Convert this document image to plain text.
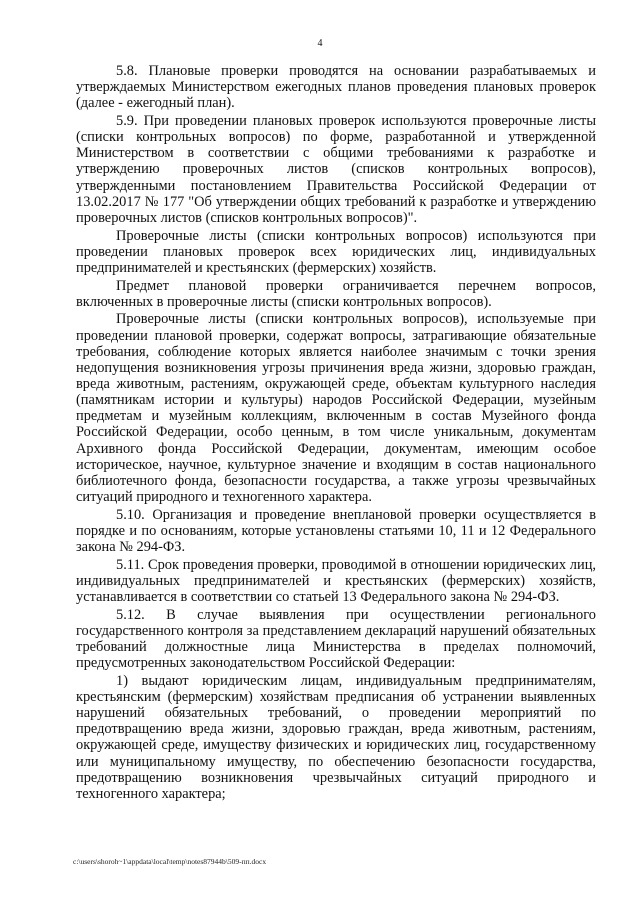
4

5.8. Плановые проверки проводятся на основании разрабатываемых и утверждаемых Министерством ежегодных планов проведения плановых проверок (далее - ежегодный план).

5.9. При проведении плановых проверок используются проверочные листы (списки контрольных вопросов) по форме, разработанной и утвержденной Министерством в соответствии с общими требованиями к разработке и утверждению проверочных листов (списков контрольных вопросов), утвержденными постановлением Правительства Российской Федерации от 13.02.2017 № 177 "Об утверждении общих требований к разработке и утверждению проверочных листов (списков контрольных вопросов)".

Проверочные листы (списки контрольных вопросов) используются при проведении плановых проверок всех юридических лиц, индивидуальных предпринимателей и крестьянских (фермерских) хозяйств.

Предмет плановой проверки ограничивается перечнем вопросов, включенных в проверочные листы (списки контрольных вопросов).

Проверочные листы (списки контрольных вопросов), используемые при проведении плановой проверки, содержат вопросы, затрагивающие обязательные требования, соблюдение которых является наиболее значимым с точки зрения недопущения возникновения угрозы причинения вреда жизни, здоровью граждан, вреда животным, растениям, окружающей среде, объектам культурного наследия (памятникам истории и культуры) народов Российской Федерации, музейным предметам и музейным коллекциям, включенным в состав Музейного фонда Российской Федерации, особо ценным, в том числе уникальным, документам Архивного фонда Российской Федерации, документам, имеющим особое историческое, научное, культурное значение и входящим в состав национального библиотечного фонда, безопасности государства, а также угрозы чрезвычайных ситуаций природного и техногенного характера.

5.10. Организация и проведение внеплановой проверки осуществляется в порядке и по основаниям, которые установлены статьями 10, 11 и 12 Федерального закона № 294-ФЗ.

5.11. Срок проведения проверки, проводимой в отношении юридических лиц, индивидуальных предпринимателей и крестьянских (фермерских) хозяйств, устанавливается в соответствии со статьей 13 Федерального закона № 294-ФЗ.

5.12. В случае выявления при осуществлении регионального государственного контроля за представлением деклараций нарушений обязательных требований должностные лица Министерства в пределах полномочий, предусмотренных законодательством Российской Федерации:

1) выдают юридическим лицам, индивидуальным предпринимателям, крестьянским (фермерским) хозяйствам предписания об устранении выявленных нарушений обязательных требований, о проведении мероприятий по предотвращению вреда жизни, здоровью граждан, вреда животным, растениям, окружающей среде, имуществу физических и юридических лиц, государственному или муниципальному имуществу, по обеспечению безопасности государства, предотвращению возникновения чрезвычайных ситуаций природного и техногенного характера;

c:\users\shoroh~1\appdata\local\temp\notes87944b\509-пп.docx
